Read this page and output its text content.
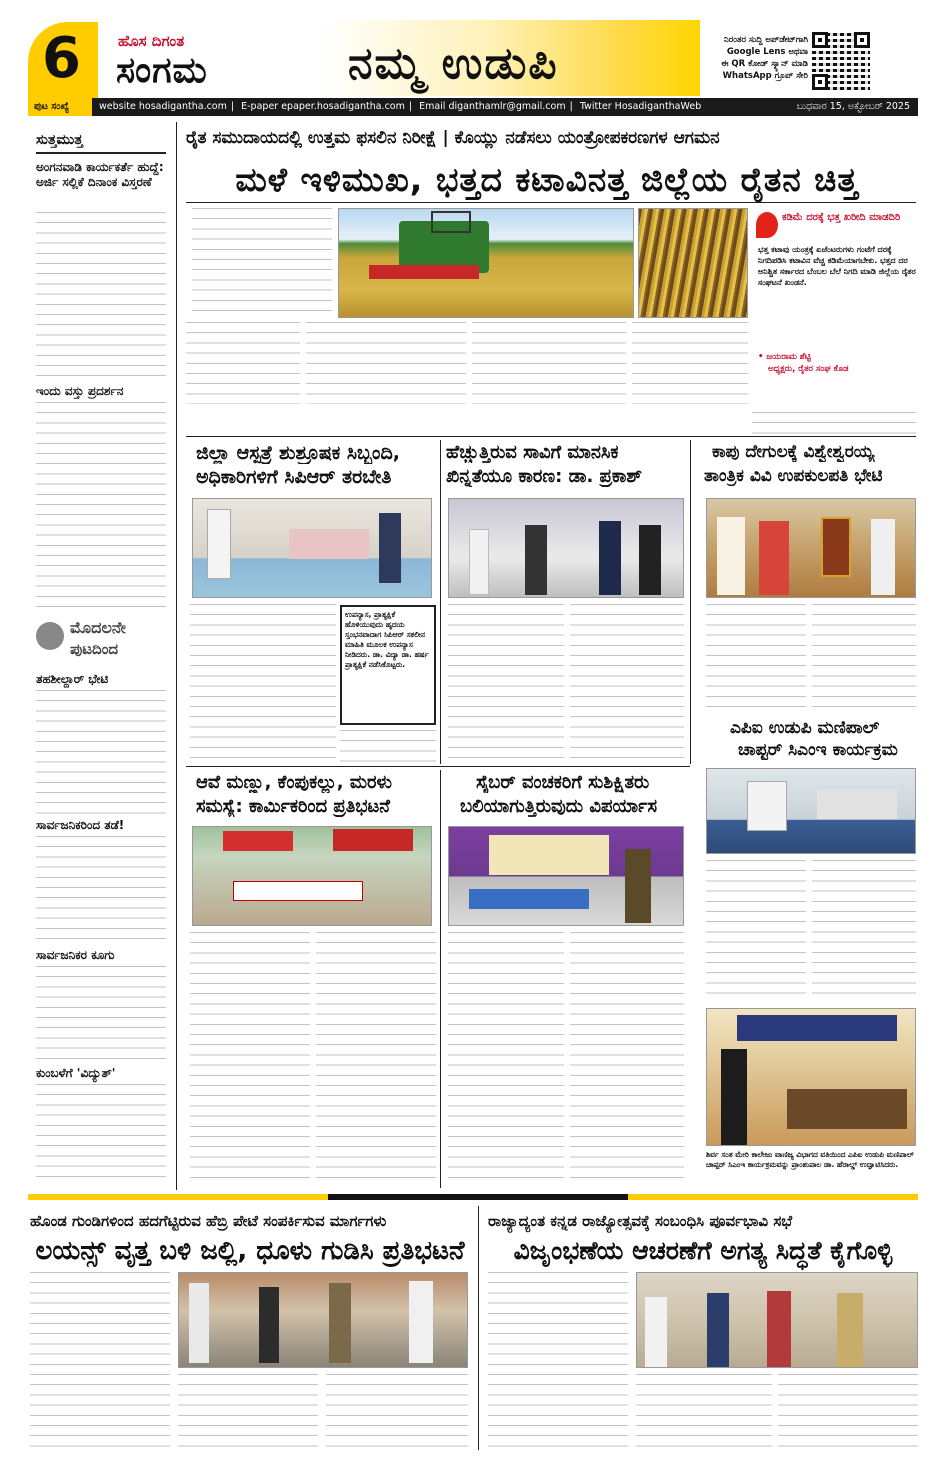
6 ಹೊಸ ದಿಗಂತ
ಸಂಗಮ	ನಮ್ಮ ಉಡುಪಿ	ನಿರಂತರ ಸುದ್ದಿ ಅಪ್‌ಡೇಟ್‌ಗಾಗಿ
Google Lens ಅಥವಾ
ಈ QR ಕೋಡ್ ಸ್ಕ್ಯಾನ್ ಮಾಡಿ
WhatsApp ಗ್ರೂಪ್ ಸೇರಿ
ಪುಟ ಸಂಖ್ಯೆ	website hosadigantha.com | E-paper epaper.hosadigantha.com | Email diganthamlr@gmail.com | Twitter HosadiganthaWeb	ಬುಧವಾರ 15, ಅಕ್ಟೋಬರ್ 2025
ಸುತ್ತಮುತ್ತ
ಅಂಗನವಾಡಿ ಕಾರ್ಯಕರ್ತೆ ಹುದ್ದೆ: ಅರ್ಜಿ ಸಲ್ಲಿಕೆ ದಿನಾಂಕ ವಿಸ್ತರಣೆ
ಇಂದು ವಸ್ತು ಪ್ರದರ್ಶನ
ಮೊದಲನೇ
ಪುಟದಿಂದ
ತಹಶೀಲ್ದಾರ್ ಭೇಟಿ
ಸಾರ್ವಜನಿಕರಿಂದ ತಡೆ!
ಸಾರ್ವಜನಿಕರ ಕೂಗು
ಕುಂಬಳೆಗೆ 'ವಿದ್ಯುತ್'
ರೈತ ಸಮುದಾಯದಲ್ಲಿ ಉತ್ತಮ ಫಸಲಿನ ನಿರೀಕ್ಷೆ | ಕೊಯ್ಲು ನಡೆಸಲು ಯಂತ್ರೋಪಕರಣಗಳ ಆಗಮನ
ಮಳೆ ಇಳಿಮುಖ, ಭತ್ತದ ಕಟಾವಿನತ್ತ ಜಿಲ್ಲೆಯ ರೈತನ ಚಿತ್ತ
ಕಡಿಮೆ ದರಕ್ಕೆ ಭತ್ತ ಖರೀದಿ ಮಾಡದಿರಿ
ಭತ್ತ ಕಟಾವು ಯಂತ್ರಕ್ಕೆ ಏಜೆಂಟರುಗಳು ಗಂಟೆಗೆ ದರಕ್ಕೆ ನಿಗದಿಪಡಿಸಿ ಕಟಾವಿನ ವೆಚ್ಚ ಕಡಿಮೆಯಾಗಬೇಕು. ಭತ್ತದ ದರ ಅನಿಶ್ಚಿತ ಸರ್ಕಾರದ ಬೆಂಬಲ ಬೆಲೆ ನಿಗದಿ ಮಾಡಿ ಜಿಲ್ಲೆಯ ರೈತರ ಸಂಘಟನೆ ಖಂಡನೆ.
• ಜಯರಾಮ ಶೆಟ್ಟಿ
ಅಧ್ಯಕ್ಷರು, ರೈತರ ಸಂಘ ಕೊಡ
ಜಿಲ್ಲಾ ಆಸ್ಪತ್ರೆ ಶುಶ್ರೂಷಕ ಸಿಬ್ಬಂದಿ,
ಅಧಿಕಾರಿಗಳಿಗೆ ಸಿಪಿಆರ್ ತರಬೇತಿ
ಉಪನ್ಯಾಸ, ಪ್ರಾತ್ಯಕ್ಷಿಕೆ ಹೊಳಿಯುವುದು ಹೃದಯ ಸ್ತಂಭನವಾದಾಗ ಸಿಪಿಆರ್ ಸಕಲೀನ ಮಾಹಿತಿ ಮೂಲಕ ಉಪನ್ಯಾಸ ನೀಡಿದರು. ಡಾ. ವಿದ್ಯಾ ಡಾ. ಹರ್ಷ ಪ್ರಾತ್ಯಕ್ಷಿಕೆ ನಡೆಸಿಕೊಟ್ಟರು.
ಹೆಚ್ಚುತ್ತಿರುವ ಸಾವಿಗೆ ಮಾನಸಿಕ
ಖಿನ್ನತೆಯೂ ಕಾರಣ: ಡಾ. ಪ್ರಕಾಶ್
ಕಾಪು ದೇಗುಲಕ್ಕೆ ವಿಶ್ವೇಶ್ವರಯ್ಯ
ತಾಂತ್ರಿಕ ವಿವಿ ಉಪಕುಲಪತಿ ಭೇಟಿ
ಎಪಿಐ ಉಡುಪಿ ಮಣಿಪಾಲ್
ಚಾಪ್ಟರ್ ಸಿಎಂಇ ಕಾರ್ಯಕ್ರಮ
ಆವೆ ಮಣ್ಣು, ಕೆಂಪುಕಲ್ಲು, ಮರಳು
ಸಮಸ್ಯೆ: ಕಾರ್ಮಿಕರಿಂದ ಪ್ರತಿಭಟನೆ
ಸೈಬರ್ ವಂಚಕರಿಗೆ ಸುಶಿಕ್ಷಿತರು
ಬಲಿಯಾಗುತ್ತಿರುವುದು ವಿಪರ್ಯಾಸ
ಶಿರ್ವ ಸಂತ ಮೇರಿ ಕಾಲೇಜು ವಾಣಿಜ್ಯ ವಿಭಾಗದ ವತಿಯಿಂದ ಎಪಿಐ ಉಡುಪಿ ಮಣಿಪಾಲ್ ಚಾಪ್ಟರ್ ಸಿಎಂಇ ಕಾರ್ಯಕ್ರಮವನ್ನು ಪ್ರಾಂಶುಪಾಲ ಡಾ. ಹೆರಾಲ್ಡ್ ಉದ್ಘಾಟಿಸಿದರು.
ಹೊಂಡ ಗುಂಡಿಗಳಿಂದ ಹದಗೆಟ್ಟಿರುವ ಹೆಬ್ರಿ ಪೇಟೆ ಸಂಪರ್ಕಿಸುವ ಮಾರ್ಗಗಳು
ಲಯನ್ಸ್ ವೃತ್ತ ಬಳಿ ಜಲ್ಲಿ, ಧೂಳು ಗುಡಿಸಿ ಪ್ರತಿಭಟನೆ
ರಾಜ್ಯಾದ್ಯಂತ ಕನ್ನಡ ರಾಜ್ಯೋತ್ಸವಕ್ಕೆ ಸಂಬಂಧಿಸಿ ಪೂರ್ವಭಾವಿ ಸಭೆ
ವಿಜೃಂಭಣೆಯ ಆಚರಣೆಗೆ ಅಗತ್ಯ ಸಿದ್ಧತೆ ಕೈಗೊಳ್ಳಿ
